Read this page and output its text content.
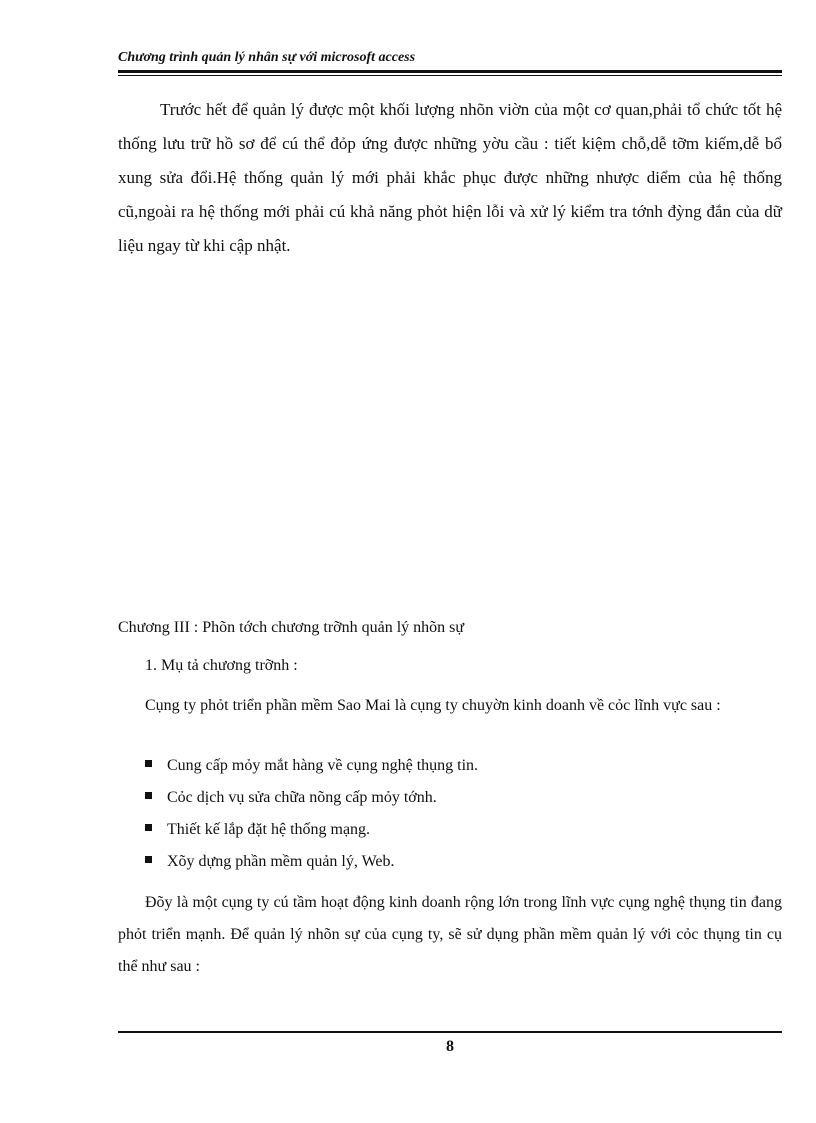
Chương trình quản lý nhân sự với microsoft access
Trước hết để quản lý được một khối lượng nhõn viờn của một cơ quan,phải tổ chức tốt hệ thống lưu trữ hồ sơ để cú thể đỏp ứng được những yờu cầu : tiết kiệm chỗ,dễ tỡm kiếm,dễ bổ xung sửa đổi.Hệ thống quản lý mới phải khắc phục được những nhược diểm của hệ thống cũ,ngoài ra hệ thống mới phải cú khả năng phỏt hiện lỗi và xử lý kiểm tra tớnh đỳng đắn của dữ liệu ngay từ khi cập nhật.
Chương III : Phõn tớch chương trỡnh quản lý nhõn sự
1. Mụ tả chương trỡnh :
Cụng ty phỏt triển phần mềm Sao Mai là cụng ty chuyờn kinh doanh về cỏc lĩnh vực sau :
Cung cấp mỏy mắt hàng về cụng nghệ thụng tin.
Cỏc dịch vụ sửa chữa nõng cấp mỏy tớnh.
Thiết kế lắp đặt hệ thống mạng.
Xõy dựng phần mềm quản lý, Web.
Đõy là một cụng ty cú tầm hoạt động kinh doanh rộng lớn trong lĩnh vực cụng nghệ thụng tin đang phỏt triển mạnh. Để quản lý nhõn sự của cụng ty, sẽ sử dụng phần mềm quản lý với cỏc thụng tin cụ thể như sau :
8
